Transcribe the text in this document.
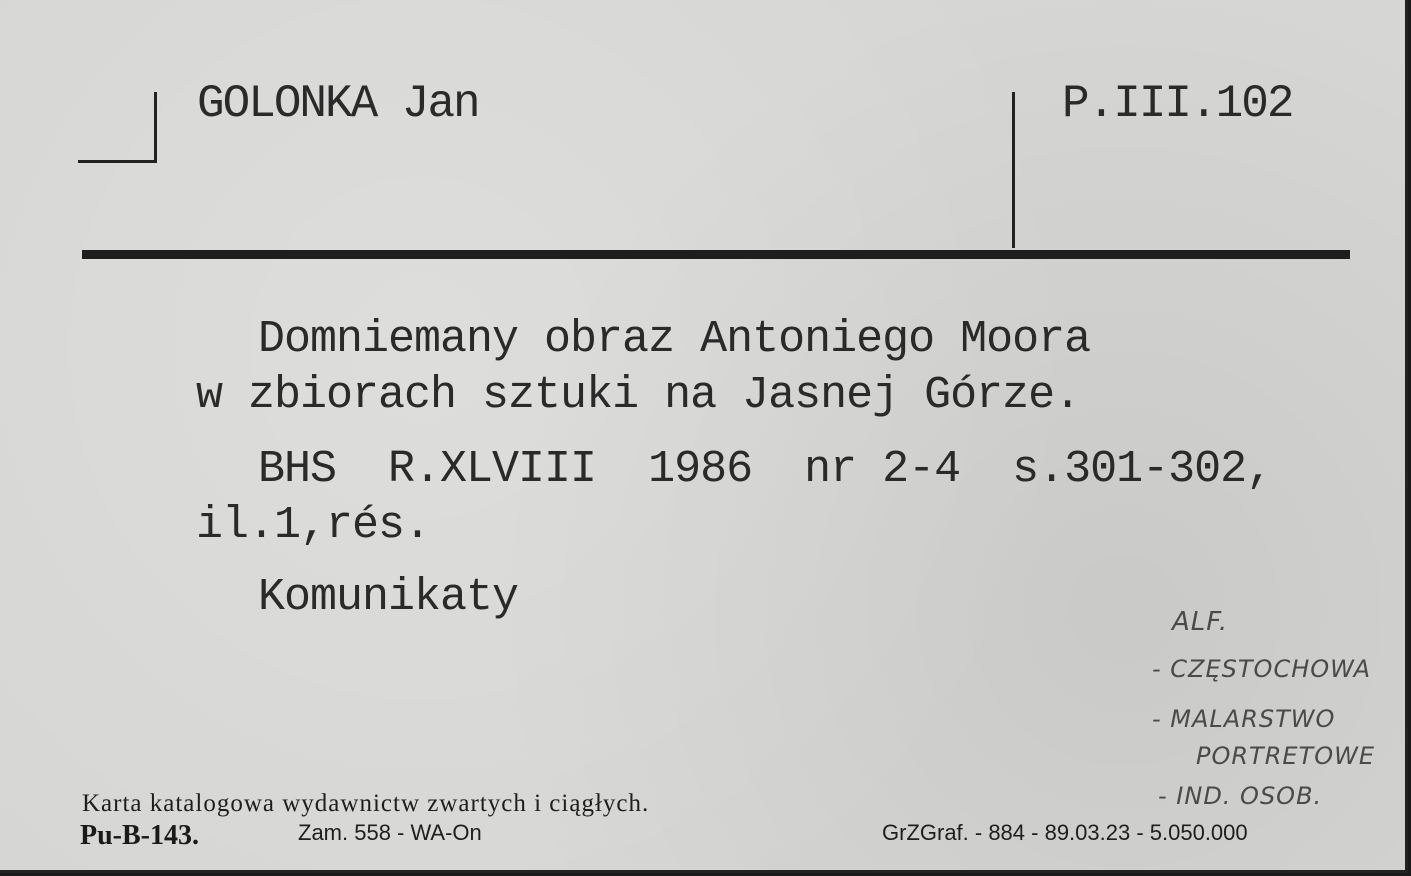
GOLONKA Jan	P.III.102
Domniemany obraz Antoniego Moora
w zbiorach sztuki na Jasnej Górze.
BHS  R.XLVIII  1986  nr 2-4  s.301-302,
il.1,rés.
Komunikaty	ALF.
- CZĘSTOCHOWA
- MALARSTWO
PORTRETOWE
- IND. OSOB.
Karta katalogowa wydawnictw zwartych i ciągłych.
Pu-B-143.	Zam. 558 - WA-On	GrZGraf. - 884 - 89.03.23 - 5.050.000
